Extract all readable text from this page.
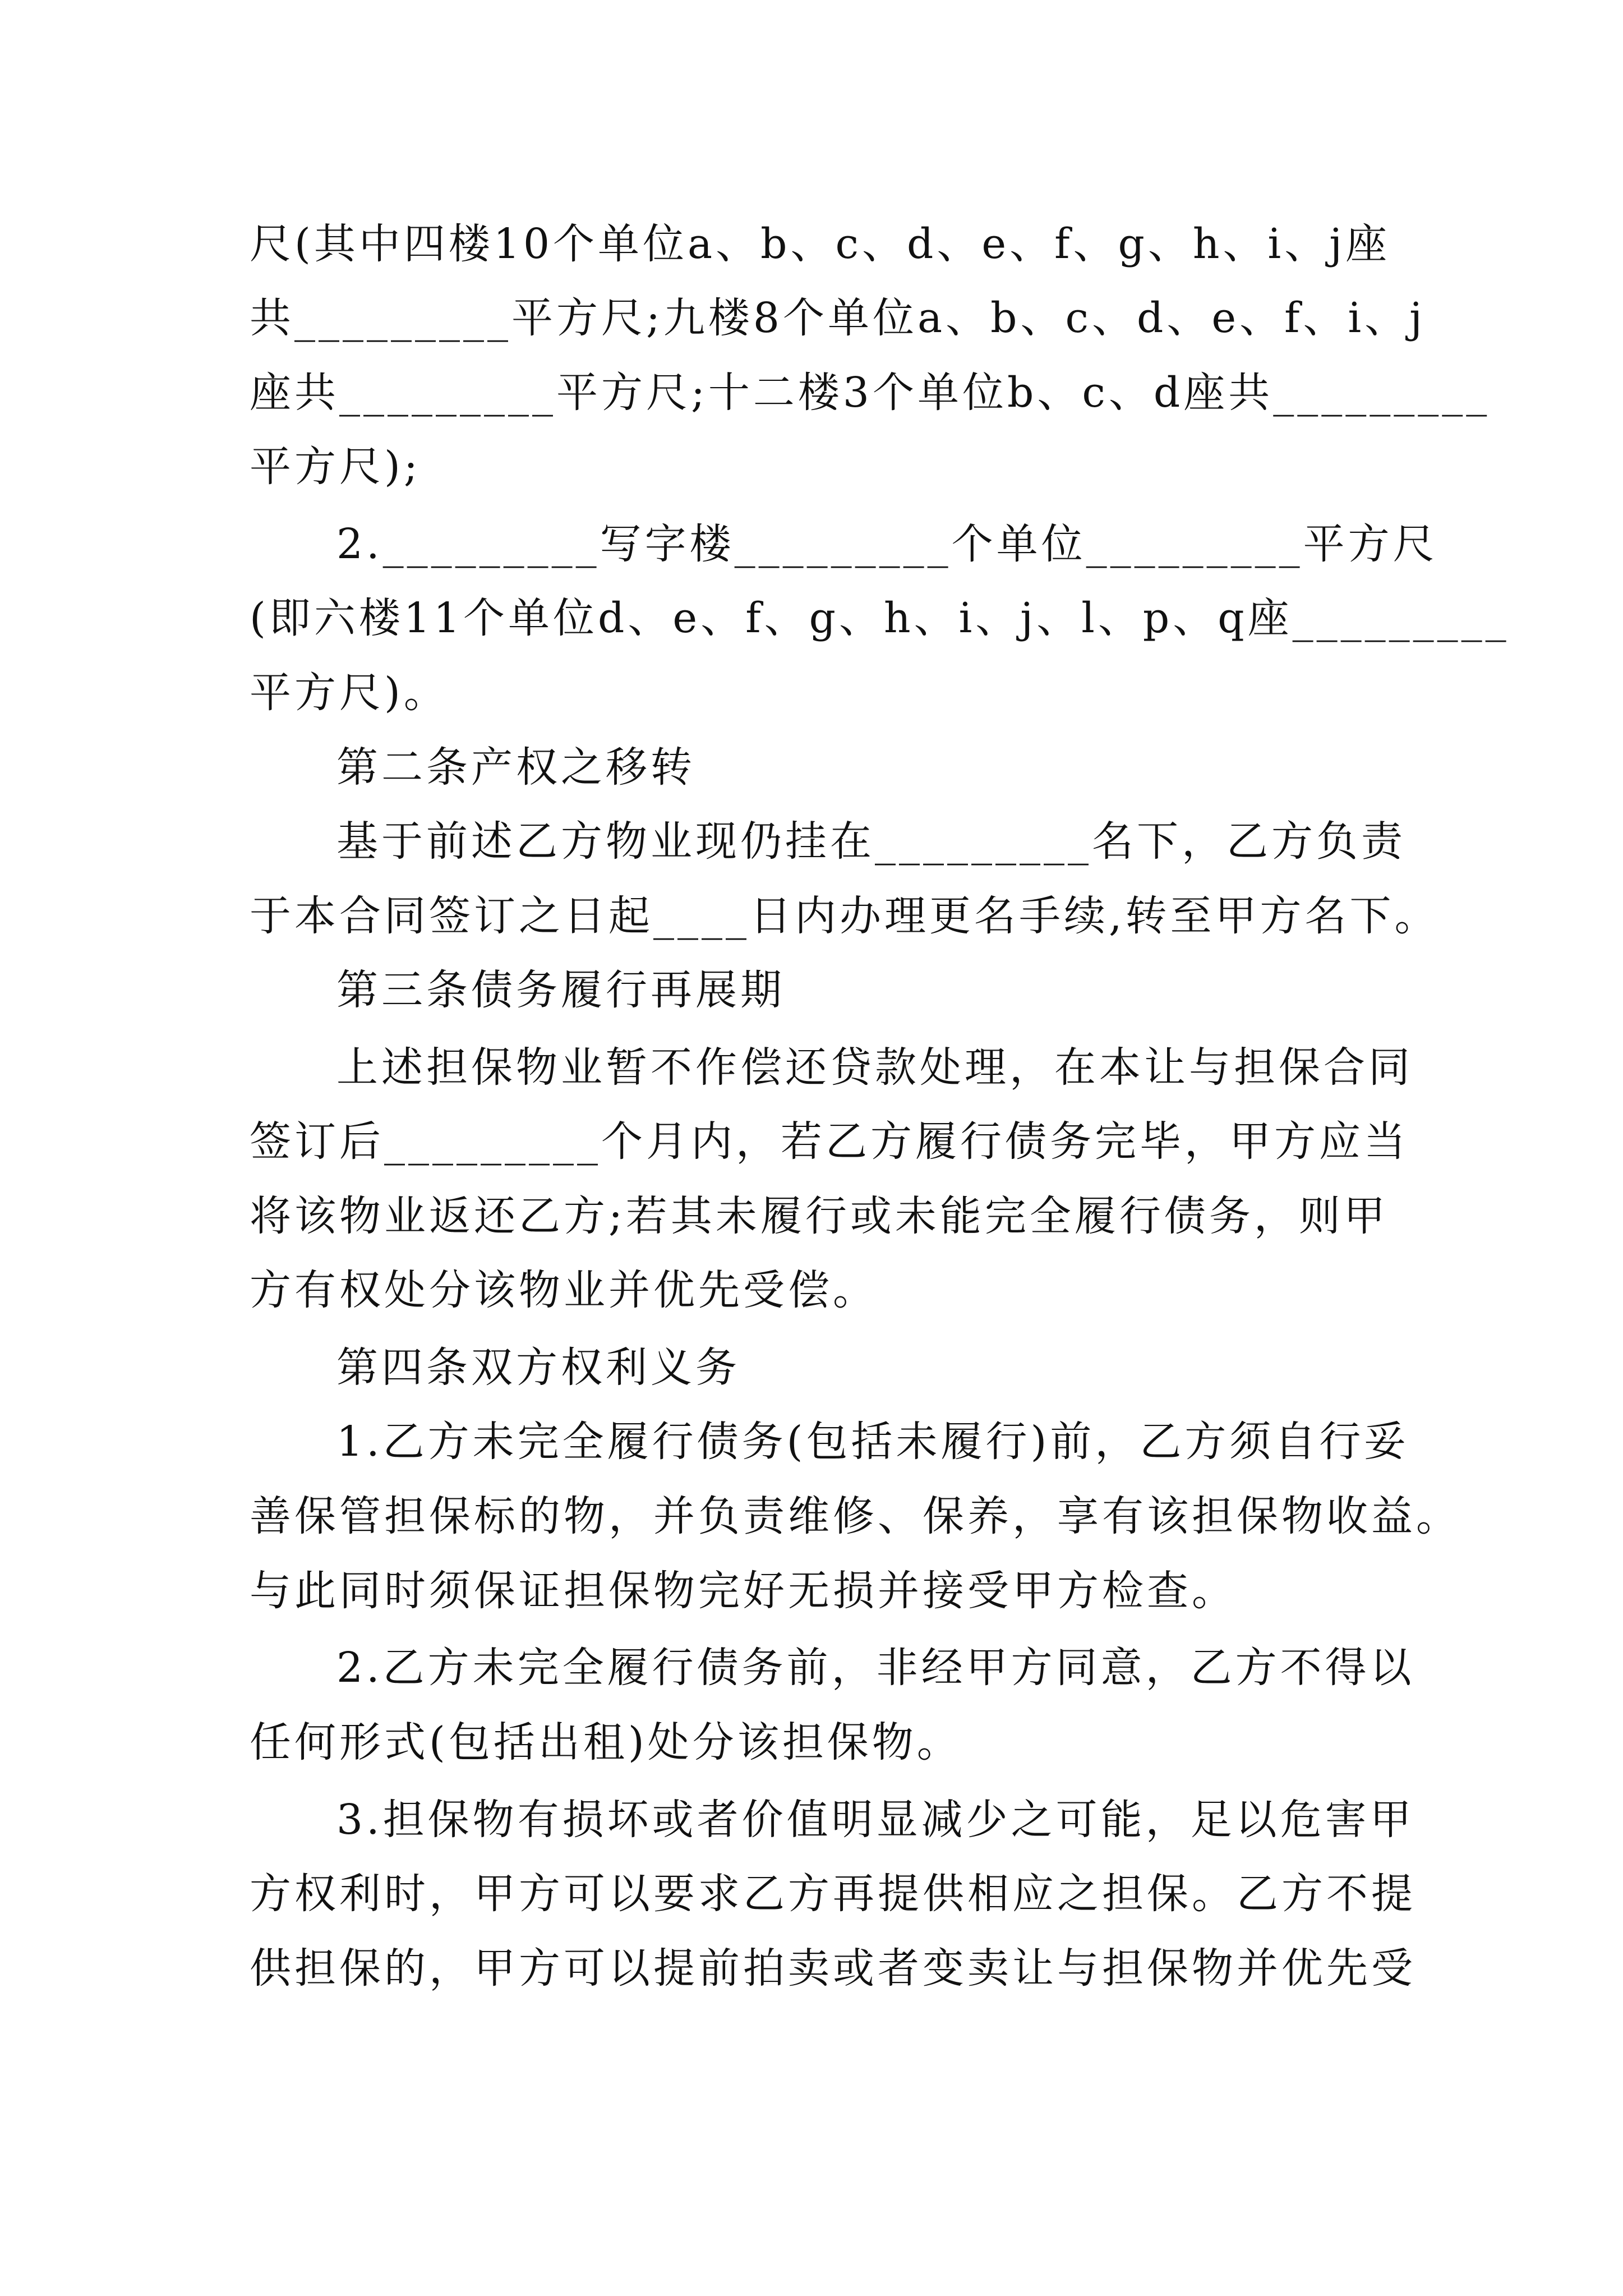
尺(其中四楼10个单位a、b、c、d、e、f、g、h、i、j座
共_________平方尺;九楼8个单位a、b、c、d、e、f、i、j
座共_________平方尺;十二楼3个单位b、c、d座共_________
平方尺);
2._________写字楼_________个单位_________平方尺
(即六楼11个单位d、e、f、g、h、i、j、l、p、q座_________
平方尺)。
第二条产权之移转
基于前述乙方物业现仍挂在_________名下，乙方负责
于本合同签订之日起____日内办理更名手续,转至甲方名下。
第三条债务履行再展期
上述担保物业暂不作偿还贷款处理，在本让与担保合同
签订后_________个月内，若乙方履行债务完毕，甲方应当
将该物业返还乙方;若其未履行或未能完全履行债务，则甲
方有权处分该物业并优先受偿。
第四条双方权利义务
1.乙方未完全履行债务(包括未履行)前，乙方须自行妥
善保管担保标的物，并负责维修、保养，享有该担保物收益。
与此同时须保证担保物完好无损并接受甲方检查。
2.乙方未完全履行债务前，非经甲方同意，乙方不得以
任何形式(包括出租)处分该担保物。
3.担保物有损坏或者价值明显减少之可能，足以危害甲
方权利时，甲方可以要求乙方再提供相应之担保。乙方不提
供担保的，甲方可以提前拍卖或者变卖让与担保物并优先受
